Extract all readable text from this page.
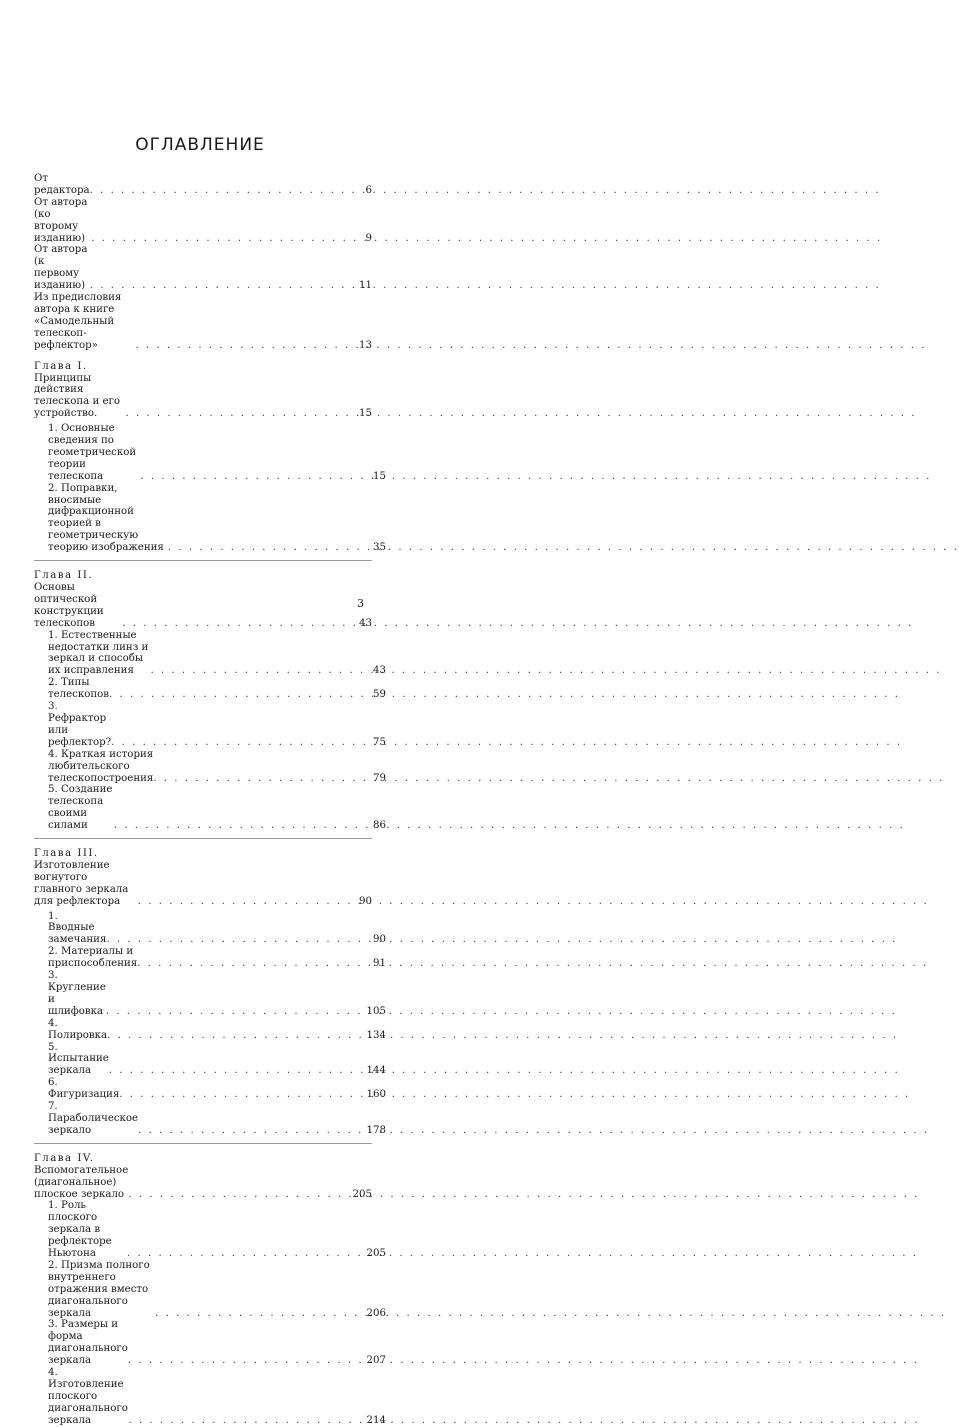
ОГЛАВЛЕНИЕ
От редактора . . .	6
От автора (ко второму изданию) . . .	9
От автора (к первому изданию) . . .	11
Из предисловия автора к книге «Самодельный телескоп-рефлектор» . . .	13
Глава I. Принципы действия телескопа и его устройство. . . .	15
1. Основные сведения по геометрической теории телескопа . . .	15
2. Поправки, вносимые дифракционной теорией в геометрическую теорию изображения . . .	35
Глава II. Основы оптической конструкции телескопов . . .	43
1. Естественные недостатки линз и зеркал и способы их исправления . . .	43
2. Типы телескопов . . .	59
3. Рефрактор или рефлектор? . . .	75
4. Краткая история любительского телескопостроения . . .	79
5. Создание телескопа своими силами . . .	86
Глава III. Изготовление вогнутого главного зеркала для рефлектора . . .	90
1. Вводные замечания . . .	90
2. Материалы и приспособления . . .	91
3. Кругление и шлифовка . . .	105
4. Полировка . . .	134
5. Испытание зеркала . . .	144
6. Фигуризация . . .	160
7. Параболическое зеркало . . .	178
Глава IV. Вспомогательное (диагональное) плоское зеркало . . .	205
1. Роль плоского зеркала в рефлекторе Ньютона . . .	205
2. Призма полного внутреннего отражения вместо диагонального зеркала . . .	206
3. Размеры и форма диагонального зеркала . . .	207
4. Изготовление плоского диагонального зеркала . . .	214
3
